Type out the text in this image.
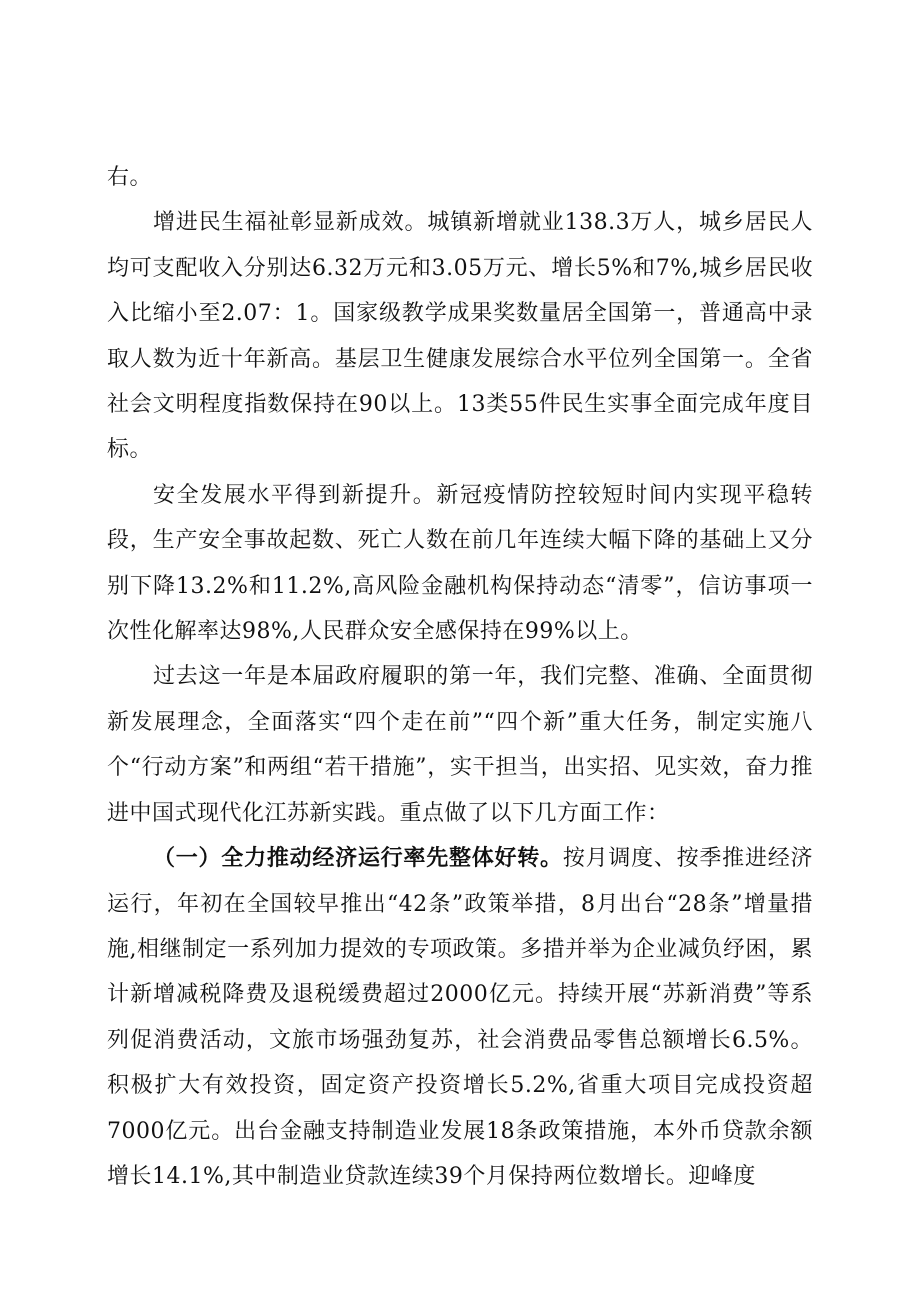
右。

增进民生福祉彰显新成效。城镇新增就业138.3万人，城乡居民人均可支配收入分别达6.32万元和3.05万元、增长5%和7%,城乡居民收入比缩小至2.07：1。国家级教学成果奖数量居全国第一，普通高中录取人数为近十年新高。基层卫生健康发展综合水平位列全国第一。全省社会文明程度指数保持在90以上。13类55件民生实事全面完成年度目标。

安全发展水平得到新提升。新冠疫情防控较短时间内实现平稳转段，生产安全事故起数、死亡人数在前几年连续大幅下降的基础上又分别下降13.2%和11.2%,高风险金融机构保持动态“清零”，信访事项一次性化解率达98%,人民群众安全感保持在99%以上。

过去这一年是本届政府履职的第一年，我们完整、准确、全面贯彻新发展理念，全面落实“四个走在前”“四个新”重大任务，制定实施八个“行动方案”和两组“若干措施”，实干担当，出实招、见实效，奋力推进中国式现代化江苏新实践。重点做了以下几方面工作：

（一）全力推动经济运行率先整体好转。按月调度、按季推进经济运行，年初在全国较早推出“42条”政策举措，8月出台“28条”增量措施,相继制定一系列加力提效的专项政策。多措并举为企业减负纾困，累计新增减税降费及退税缓费超过2000亿元。持续开展“苏新消费”等系列促消费活动，文旅市场强劲复苏，社会消费品零售总额增长6.5%。积极扩大有效投资，固定资产投资增长5.2%,省重大项目完成投资超7000亿元。出台金融支持制造业发展18条政策措施，本外币贷款余额增长14.1%,其中制造业贷款连续39个月保持两位数增长。迎峰度
